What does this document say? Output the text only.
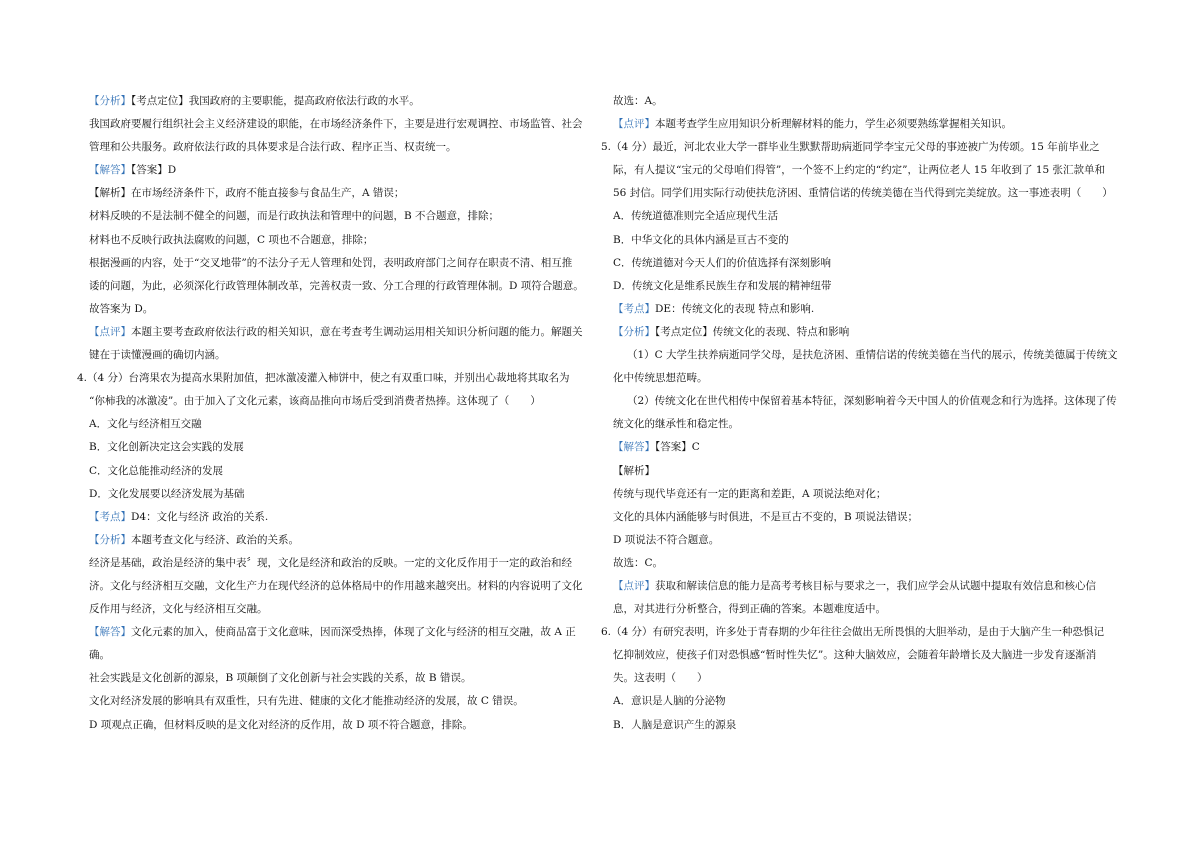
【分析】【考点定位】我国政府的主要职能，提高政府依法行政的水平。
我国政府要履行组织社会主义经济建设的职能，在市场经济条件下，主要是进行宏观调控、市场监管、社会
管理和公共服务。政府依法行政的具体要求是合法行政、程序正当、权责统一。
【解答】【答案】D
【解析】在市场经济条件下，政府不能直接参与食品生产，A 错误；
材料反映的不是法制不健全的问题，而是行政执法和管理中的问题，B 不合题意，排除；
材料也不反映行政执法腐败的问题，C 项也不合题意，排除；
根据漫画的内容，处于“交叉地带”的不法分子无人管理和处罚，表明政府部门之间存在职责不清、相互推
诿的问题，为此，必须深化行政管理体制改革，完善权责一致、分工合理的行政管理体制。D 项符合题意。
故答案为 D。
【点评】本题主要考查政府依法行政的相关知识，意在考查考生调动运用相关知识分析问题的能力。解题关
键在于读懂漫画的确切内涵。
4.（4 分）台湾果农为提高水果附加值，把冰激凌灌入柿饼中，使之有双重口味，并别出心裁地将其取名为
“你柿我的冰激凌”。由于加入了文化元素，该商品推向市场后受到消费者热捧。这体现了（　　）
A．文化与经济相互交融
B．文化创新决定这会实践的发展
C．文化总能推动经济的发展
D．文化发展要以经济发展为基础
【考点】D4：文化与经济 政治的关系.
【分析】本题考查文化与经济、政治的关系。
经济是基础，政治是经济的集中表〞现，文化是经济和政治的反映。一定的文化反作用于一定的政治和经
济。文化与经济相互交融，文化生产力在现代经济的总体格局中的作用越来越突出。材料的内容说明了文化
反作用与经济，文化与经济相互交融。
【解答】文化元素的加入，使商品富于文化意味，因而深受热捧，体现了文化与经济的相互交融，故 A 正
确。
社会实践是文化创新的源泉，B 项颠倒了文化创新与社会实践的关系，故 B 错误。
文化对经济发展的影响具有双重性，只有先进、健康的文化才能推动经济的发展，故 C 错误。
D 项观点正确，但材料反映的是文化对经济的反作用，故 D 项不符合题意，排除。
故选：A。
【点评】本题考查学生应用知识分析理解材料的能力，学生必须要熟练掌握相关知识。
5.（4 分）最近，河北农业大学一群毕业生默默帮助病逝同学李宝元父母的事迹被广为传颂。15 年前毕业之
际，有人提议“宝元的父母咱们得管”，一个签不上约定的“约定”，让两位老人 15 年收到了 15 张汇款单和
56 封信。同学们用实际行动使扶危济困、重情信诺的传统美德在当代得到完美绽放。这一事迹表明（　　）
A．传统道德准则完全适应现代生活
B．中华文化的具体内涵是亘古不变的
C．传统道德对今天人们的价值选择有深刻影响
D．传统文化是维系民族生存和发展的精神纽带
【考点】DE：传统文化的表现 特点和影响.
【分析】【考点定位】传统文化的表现、特点和影响
（1）C 大学生扶养病逝同学父母，是扶危济困、重情信诺的传统美德在当代的展示，传统美德属于传统文
化中传统思想范畴。
（2）传统文化在世代相传中保留着基本特征，深刻影响着今天中国人的价值观念和行为选择。这体现了传
统文化的继承性和稳定性。
【解答】【答案】C
【解析】
传统与现代毕竟还有一定的距离和差距，A 项说法绝对化；
文化的具体内涵能够与时俱进，不是亘古不变的，B 项说法错误；
D 项说法不符合题意。
故选：C。
【点评】获取和解读信息的能力是高考考核目标与要求之一，我们应学会从试题中提取有效信息和核心信
息，对其进行分析整合，得到正确的答案。本题难度适中。
6.（4 分）有研究表明，许多处于青春期的少年往往会做出无所畏惧的大胆举动，是由于大脑产生一种恐惧记
忆抑制效应，使孩子们对恐惧感“暂时性失忆”。这种大脑效应，会随着年龄增长及大脑进一步发育逐渐消
失。这表明（　　）
A．意识是人脑的分泌物
B．人脑是意识产生的源泉
